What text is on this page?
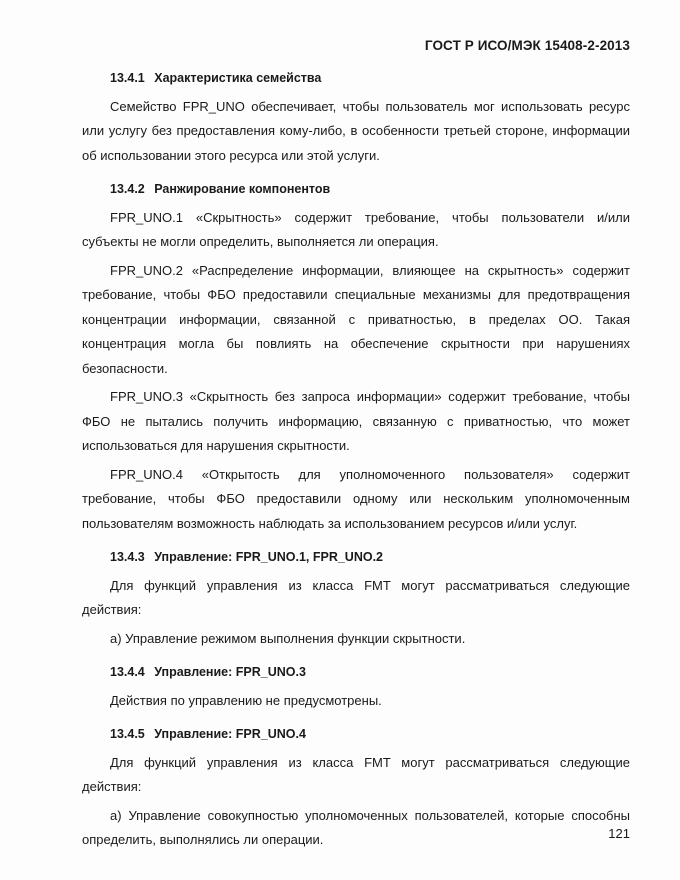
ГОСТ Р ИСО/МЭК 15408-2-2013
13.4.1 Характеристика семейства

Семейство FPR_UNO обеспечивает, чтобы пользователь мог использовать ресурс или услугу без предоставления кому-либо, в особенности третьей стороне, информации об использовании этого ресурса или этой услуги.

13.4.2 Ранжирование компонентов

FPR_UNO.1 «Скрытность» содержит требование, чтобы пользователи и/или субъекты не могли определить, выполняется ли операция.

FPR_UNO.2 «Распределение информации, влияющее на скрытность» содержит требование, чтобы ФБО предоставили специальные механизмы для предотвращения концентрации информации, связанной с приватностью, в пределах ОО. Такая концентрация могла бы повлиять на обеспечение скрытности при нарушениях безопасности.

FPR_UNO.3 «Скрытность без запроса информации» содержит требование, чтобы ФБО не пытались получить информацию, связанную с приватностью, что может использоваться для нарушения скрытности.

FPR_UNO.4 «Открытость для уполномоченного пользователя» содержит требование, чтобы ФБО предоставили одному или нескольким уполномоченным пользователям возможность наблюдать за использованием ресурсов и/или услуг.

13.4.3 Управление: FPR_UNO.1, FPR_UNO.2

Для функций управления из класса FMT могут рассматриваться следующие действия:

a) Управление режимом выполнения функции скрытности.

13.4.4 Управление: FPR_UNO.3

Действия по управлению не предусмотрены.

13.4.5 Управление: FPR_UNO.4

Для функций управления из класса FMT могут рассматриваться следующие действия:

a) Управление совокупностью уполномоченных пользователей, которые способны определить, выполнялись ли операции.	121
